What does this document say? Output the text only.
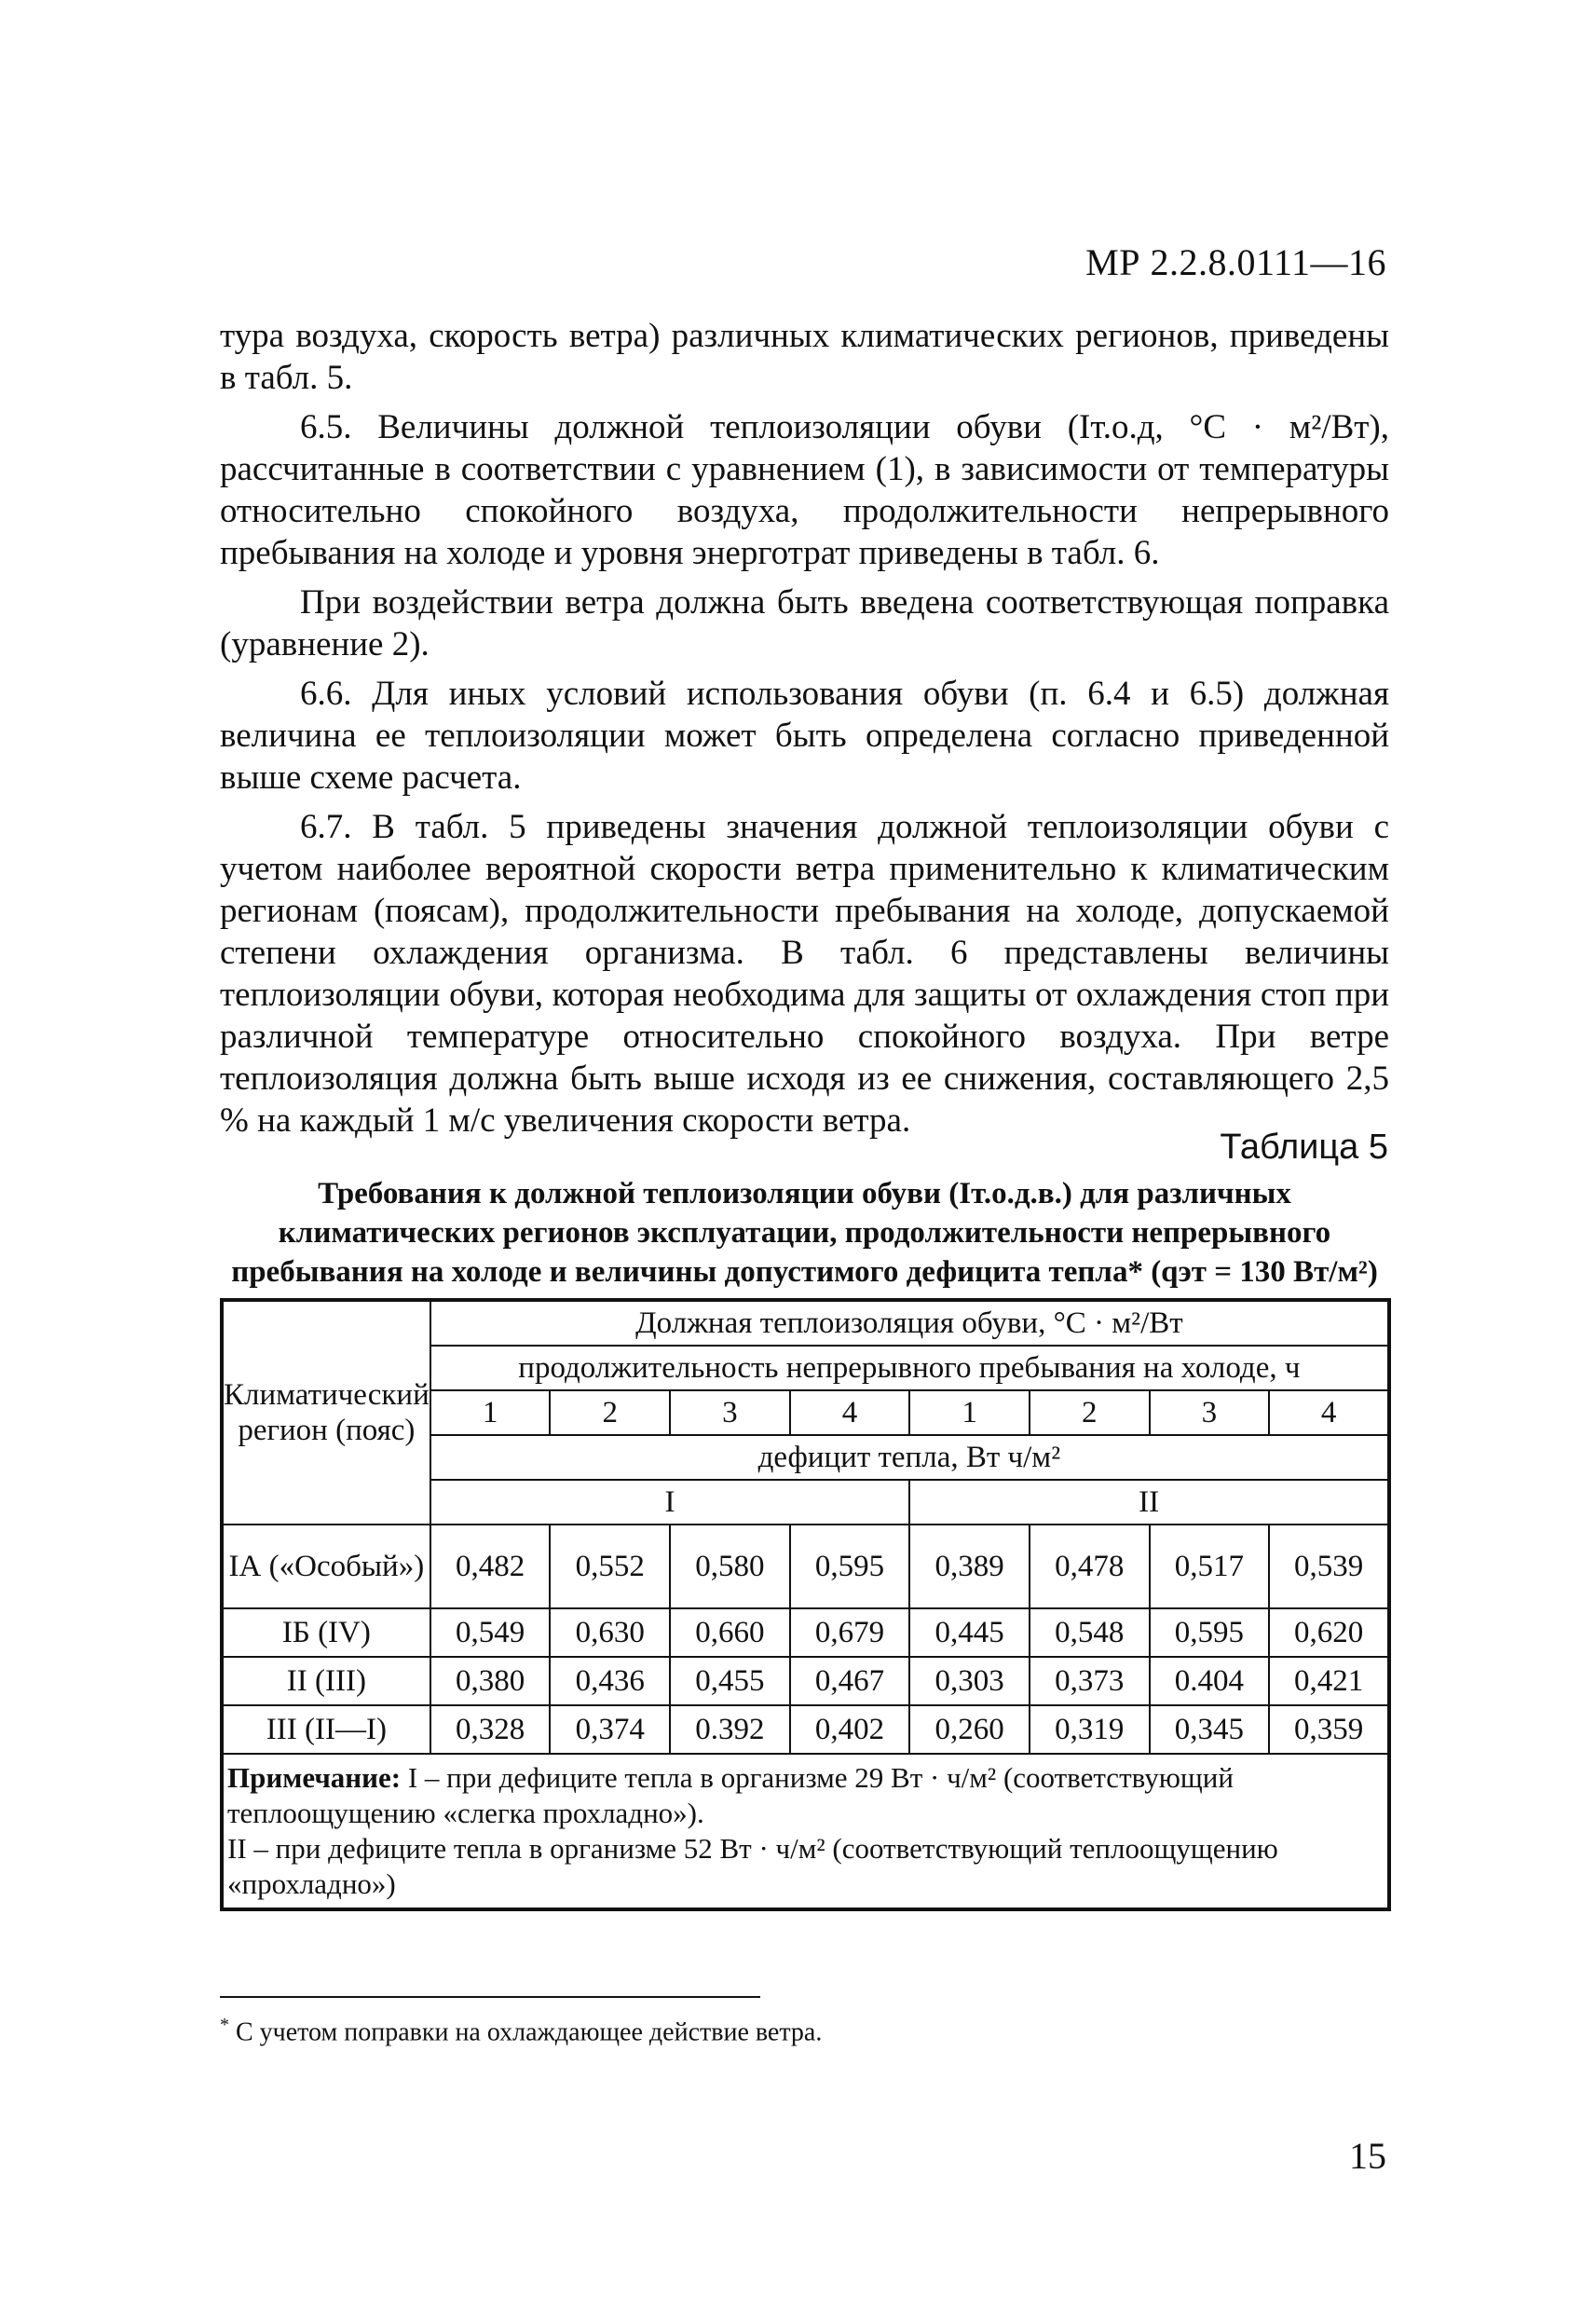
МР 2.2.8.0111—16

тура воздуха, скорость ветра) различных климатических регионов, приведены в табл. 5.

6.5. Величины должной теплоизоляции обуви (Iт.о.д, °С · м²/Вт), рассчитанные в соответствии с уравнением (1), в зависимости от температуры относительно спокойного воздуха, продолжительности непрерывного пребывания на холоде и уровня энерготрат приведены в табл. 6.

При воздействии ветра должна быть введена соответствующая поправка (уравнение 2).

6.6. Для иных условий использования обуви (п. 6.4 и 6.5) должная величина ее теплоизоляции может быть определена согласно приведенной выше схеме расчета.

6.7. В табл. 5 приведены значения должной теплоизоляции обуви с учетом наиболее вероятной скорости ветра применительно к климатическим регионам (поясам), продолжительности пребывания на холоде, допускаемой степени охлаждения организма. В табл. 6 представлены величины теплоизоляции обуви, которая необходима для защиты от охлаждения стоп при различной температуре относительно спокойного воздуха. При ветре теплоизоляция должна быть выше исходя из ее снижения, составляющего 2,5 % на каждый 1 м/с увеличения скорости ветра.

Таблица 5
Требования к должной теплоизоляции обуви (Iт.о.д.в.) для различных
климатических регионов эксплуатации, продолжительности непрерывного
пребывания на холоде и величины допустимого дефицита тепла* (qэт = 130 Вт/м²)
Климатический регион (пояс)	Должная теплоизоляция обуви, °С · м²/Вт							
	продолжительность непрерывного пребывания на холоде, ч							
	1	2	3	4	1	2	3	4
	дефицит тепла, Вт ч/м²							
	I				II			
IА («Особый»)	0,482	0,552	0,580	0,595	0,389	0,478	0,517	0,539
IБ (IV)	0,549	0,630	0,660	0,679	0,445	0,548	0,595	0,620
II (III)	0,380	0,436	0,455	0,467	0,303	0,373	0.404	0,421
III (II—I)	0,328	0,374	0.392	0,402	0,260	0,319	0,345	0,359

Примечание: I – при дефиците тепла в организме 29 Вт · ч/м² (соответствующий теплоощущению «слегка прохладно»).
II – при дефиците тепла в организме 52 Вт · ч/м² (соответствующий теплоощущению «прохладно»)								
* С учетом поправки на охлаждающее действие ветра.
15
